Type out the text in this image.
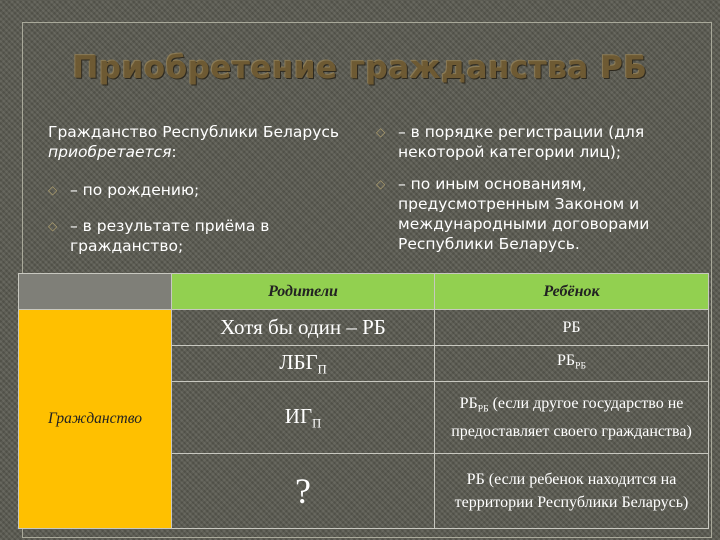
Приобретение гражданства РБ
Гражданство Республики Беларусь приобретается:
◇ – по рождению;
◇ – в результате приёма в гражданство;
◇ – в порядке регистрации (для некоторой категории лиц);
◇ – по иным основаниям, предусмотренным Законом и международными договорами Республики Беларусь.
	Родители	Ребёнок
Гражданство	Хотя бы один – РБ	РБ
	$ЛБГ_П$	$РБ_{РБ}$
	$ИГ_П$	$РБ_{РБ}$ (если другое государство не предоставляет своего гражданства)
	?	РБ (если ребенок находится на территории Республики Беларусь)
